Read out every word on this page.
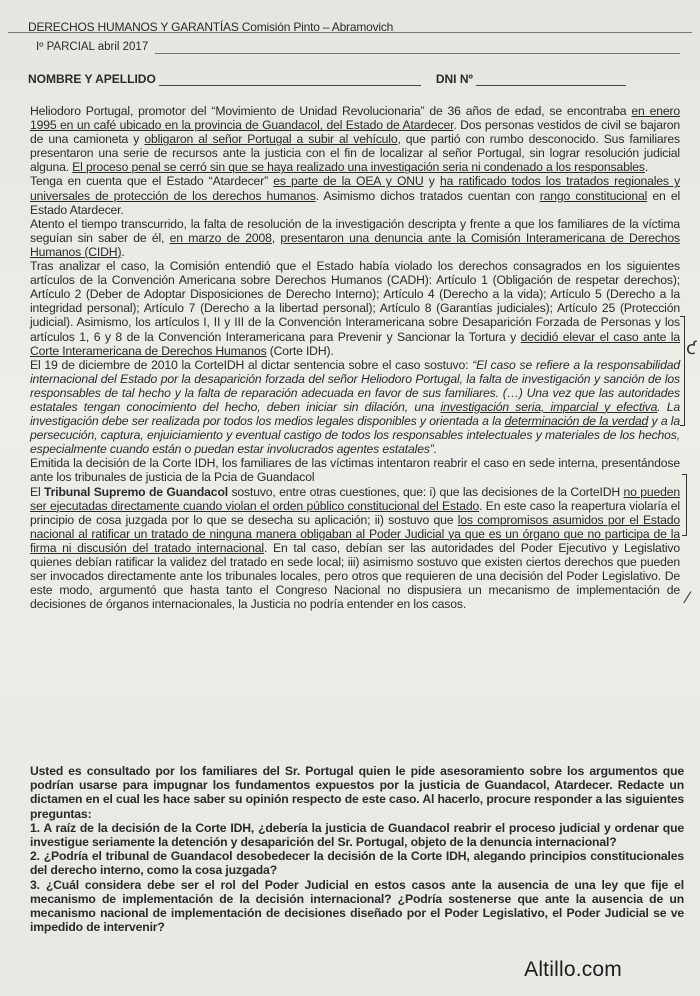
DERECHOS HUMANOS Y GARANTÍAS Comisión Pinto – Abramovich
Iº PARCIAL abril 2017
NOMBRE Y APELLIDO	DNI Nº

Heliodoro Portugal, promotor del “Movimiento de Unidad Revolucionaria” de 36 años de edad, se encontraba en enero 1995 en un café ubicado en la provincia de Guandacol, del Estado de Atardecer. Dos personas vestidos de civil se bajaron de una camioneta y obligaron al señor Portugal a subir al vehículo, que partió con rumbo desconocido. Sus familiares presentaron una serie de recursos ante la justicia con el fin de localizar al señor Portugal, sin lograr resolución judicial alguna. El proceso penal se cerró sin que se haya realizado una investigación seria ni condenado a los responsables.

Tenga en cuenta que el Estado “Atardecer” es parte de la OEA y ONU y ha ratificado todos los tratados regionales y universales de protección de los derechos humanos. Asimismo dichos tratados cuentan con rango constitucional en el Estado Atardecer.

Atento el tiempo transcurrido, la falta de resolución de la investigación descripta y frente a que los familiares de la víctima seguían sin saber de él, en marzo de 2008, presentaron una denuncia ante la Comisión Interamericana de Derechos Humanos (CIDH).

Tras analizar el caso, la Comisión entendió que el Estado había violado los derechos consagrados en los siguientes artículos de la Convención Americana sobre Derechos Humanos (CADH): Artículo 1 (Obligación de respetar derechos); Artículo 2 (Deber de Adoptar Disposiciones de Derecho Interno); Artículo 4 (Derecho a la vida); Artículo 5 (Derecho a la integridad personal); Artículo 7 (Derecho a la libertad personal); Artículo 8 (Garantías judiciales); Artículo 25 (Protección judicial). Asimismo, los artículos I, II y III de la Convención Interamericana sobre Desaparición Forzada de Personas y los artículos 1, 6 y 8 de la Convención Interamericana para Prevenir y Sancionar la Tortura y decidió elevar el caso ante la Corte Interamericana de Derechos Humanos (Corte IDH).

El 19 de diciembre de 2010 la CorteIDH al dictar sentencia sobre el caso sostuvo: “El caso se refiere a la responsabilidad internacional del Estado por la desaparición forzada del señor Heliodoro Portugal, la falta de investigación y sanción de los responsables de tal hecho y la falta de reparación adecuada en favor de sus familiares. (…) Una vez que las autoridades estatales tengan conocimiento del hecho, deben iniciar sin dilación, una investigación seria, imparcial y efectiva. La investigación debe ser realizada por todos los medios legales disponibles y orientada a la determinación de la verdad y a la persecución, captura, enjuiciamiento y eventual castigo de todos los responsables intelectuales y materiales de los hechos, especialmente cuando están o puedan estar involucrados agentes estatales”.

Emitida la decisión de la Corte IDH, los familiares de las víctimas intentaron reabrir el caso en sede interna, presentándose ante los tribunales de justicia de la Pcia de Guandacol

El Tribunal Supremo de Guandacol sostuvo, entre otras cuestiones, que: i) que las decisiones de la CorteIDH no pueden ser ejecutadas directamente cuando violan el orden público constitucional del Estado. En este caso la reapertura violaría el principio de cosa juzgada por lo que se desecha su aplicación; ii) sostuvo que los compromisos asumidos por el Estado nacional al ratificar un tratado de ninguna manera obligaban al Poder Judicial ya que es un órgano que no participa de la firma ni discusión del tratado internacional. En tal caso, debían ser las autoridades del Poder Ejecutivo y Legislativo quienes debían ratificar la validez del tratado en sede local; iii) asimismo sostuvo que existen ciertos derechos que pueden ser invocados directamente ante los tribunales locales, pero otros que requieren de una decisión del Poder Legislativo. De este modo, argumentó que hasta tanto el Congreso Nacional no dispusiera un mecanismo de implementación de decisiones de órganos internacionales, la Justicia no podría entender en los casos.

ƈ
⁄

Usted es consultado por los familiares del Sr. Portugal quien le pide asesoramiento sobre los argumentos que podrían usarse para impugnar los fundamentos expuestos por la justicia de Guandacol, Atardecer. Redacte un dictamen en el cual les hace saber su opinión respecto de este caso. Al hacerlo, procure responder a las siguientes preguntas:

1. A raíz de la decisión de la Corte IDH, ¿debería la justicia de Guandacol reabrir el proceso judicial y ordenar que investigue seriamente la detención y desaparición del Sr. Portugal, objeto de la denuncia internacional?

2. ¿Podría el tribunal de Guandacol desobedecer la decisión de la Corte IDH, alegando principios constitucionales del derecho interno, como la cosa juzgada?

3. ¿Cuál considera debe ser el rol del Poder Judicial en estos casos ante la ausencia de una ley que fije el mecanismo de implementación de la decisión internacional? ¿Podría sostenerse que ante la ausencia de un mecanismo nacional de implementación de decisiones diseñado por el Poder Legislativo, el Poder Judicial se ve impedido de intervenir?

Altillo.com
